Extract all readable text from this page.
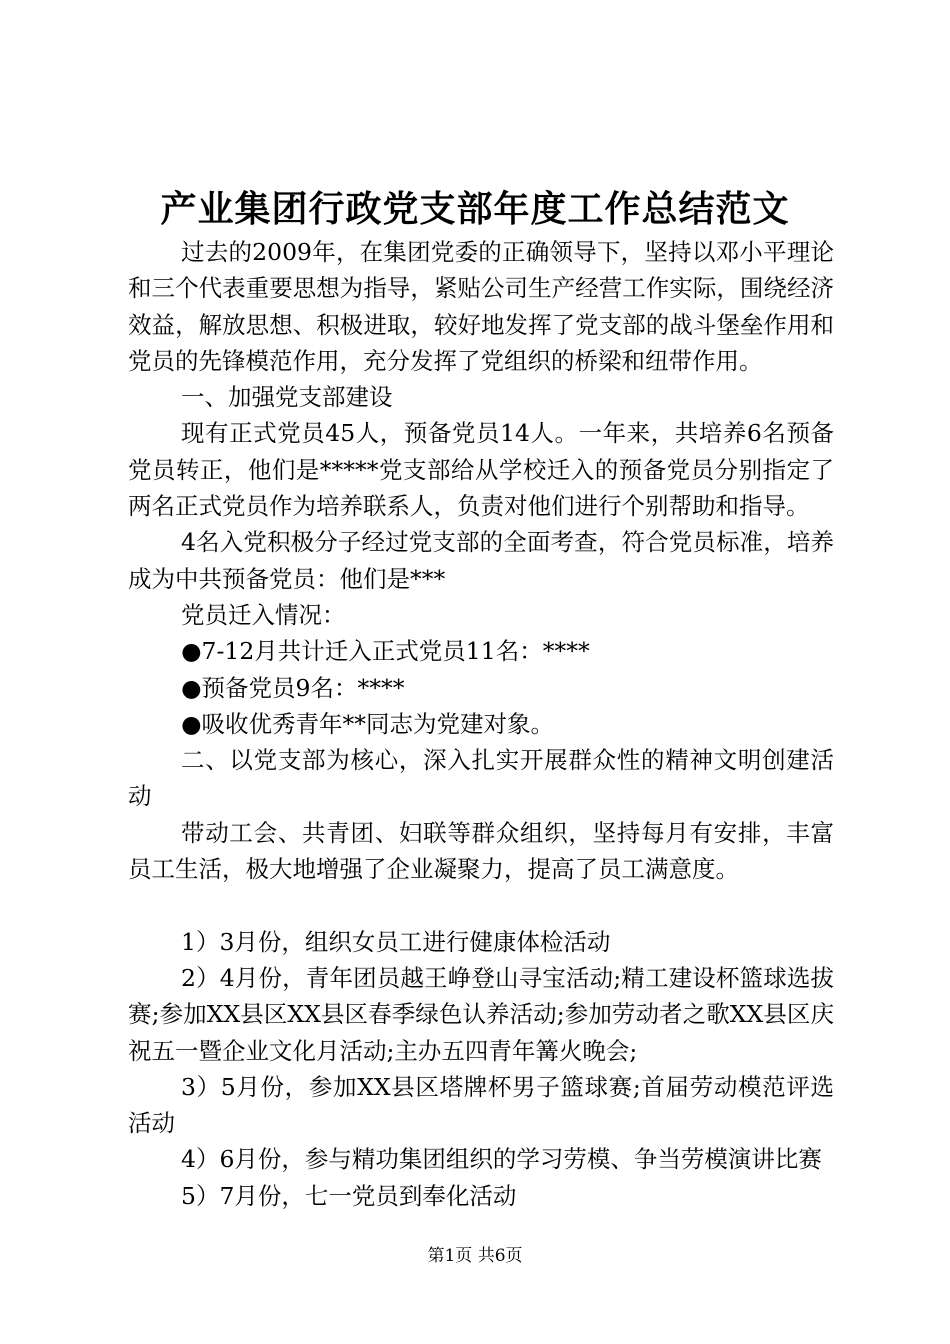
产业集团行政党支部年度工作总结范文

过去的2009年，在集团党委的正确领导下，坚持以邓小平理论和三个代表重要思想为指导，紧贴公司生产经营工作实际，围绕经济效益，解放思想、积极进取，较好地发挥了党支部的战斗堡垒作用和党员的先锋模范作用，充分发挥了党组织的桥梁和纽带作用。

一、加强党支部建设

现有正式党员45人，预备党员14人。一年来，共培养6名预备党员转正，他们是*****党支部给从学校迁入的预备党员分别指定了两名正式党员作为培养联系人，负责对他们进行个别帮助和指导。

4名入党积极分子经过党支部的全面考查，符合党员标准，培养成为中共预备党员：他们是***

党员迁入情况：

●7-12月共计迁入正式党员11名：****

●预备党员9名：****

●吸收优秀青年**同志为党建对象。

二、以党支部为核心，深入扎实开展群众性的精神文明创建活动

带动工会、共青团、妇联等群众组织，坚持每月有安排，丰富员工生活，极大地增强了企业凝聚力，提高了员工满意度。

1）3月份，组织女员工进行健康体检活动

2）4月份，青年团员越王峥登山寻宝活动;精工建设杯篮球选拔赛;参加XX县区XX县区春季绿色认养活动;参加劳动者之歌XX县区庆祝五一暨企业文化月活动;主办五四青年篝火晚会;

3）5月份，参加XX县区塔牌杯男子篮球赛;首届劳动模范评选活动

4）6月份，参与精功集团组织的学习劳模、争当劳模演讲比赛

5）7月份，七一党员到奉化活动

第1页 共6页
